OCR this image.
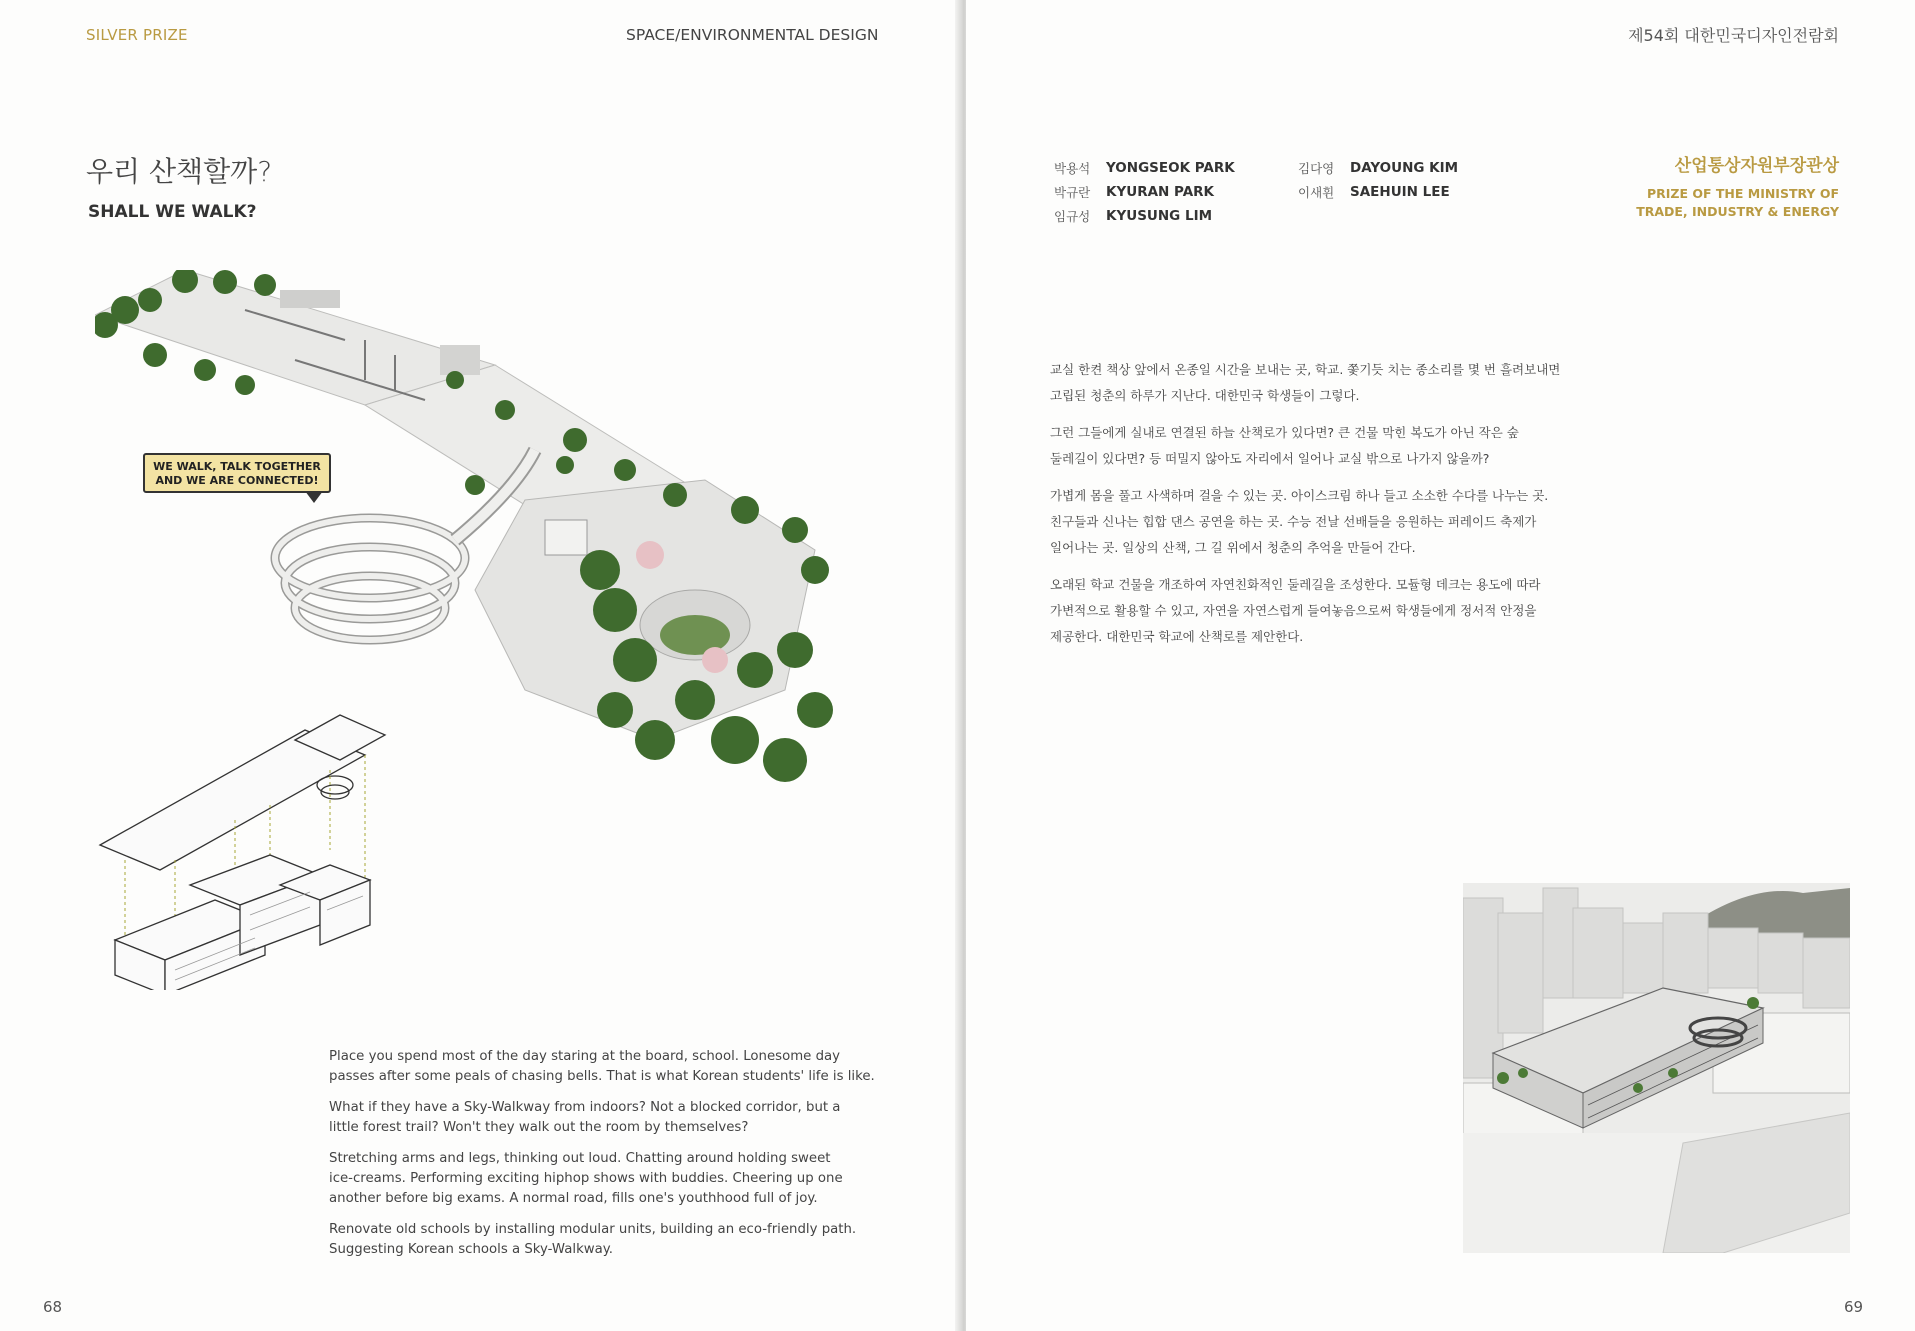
SILVER PRIZE	SPACE/ENVIRONMENTAL DESIGN
우리 산책할까?
SHALL WE WALK?
WE WALK, TALK TOGETHER
AND WE ARE CONNECTED!

Place you spend most of the day staring at the board, school. Lonesome day
passes after some peals of chasing bells. That is what Korean students' life is like.

What if they have a Sky-Walkway from indoors? Not a blocked corridor, but a
little forest trail? Won't they walk out the room by themselves?

Stretching arms and legs, thinking out loud. Chatting around holding sweet
ice-creams. Performing exciting hiphop shows with buddies. Cheering up one
another before big exams. A normal road, fills one's youthhood full of joy.

Renovate old schools by installing modular units, building an eco-friendly path.
Suggesting Korean schools a Sky-Walkway.

68
제54회 대한민국디자인전람회
박용석	YONGSEOK PARK
박규란	KYURAN PARK
임규성	KYUSUNG LIM
김다영	DAYOUNG KIM
이새휜	SAEHUIN LEE
산업통상자원부장관상
PRIZE OF THE MINISTRY OF
TRADE, INDUSTRY & ENERGY

교실 한켠 책상 앞에서 온종일 시간을 보내는 곳, 학교. 쫓기듯 치는 종소리를 몇 번 흘려보내면
고립된 청춘의 하루가 지난다. 대한민국 학생들이 그렇다.

그런 그들에게 실내로 연결된 하늘 산책로가 있다면? 큰 건물 막힌 복도가 아닌 작은 숲
둘레길이 있다면? 등 떠밀지 않아도 자리에서 일어나 교실 밖으로 나가지 않을까?

가볍게 몸을 풀고 사색하며 걸을 수 있는 곳. 아이스크림 하나 들고 소소한 수다를 나누는 곳.
친구들과 신나는 힙합 댄스 공연을 하는 곳. 수능 전날 선배들을 응원하는 퍼레이드 축제가
일어나는 곳. 일상의 산책, 그 길 위에서 청춘의 추억을 만들어 간다.

오래된 학교 건물을 개조하여 자연친화적인 둘레길을 조성한다. 모듈형 데크는 용도에 따라
가변적으로 활용할 수 있고, 자연을 자연스럽게 들여놓음으로써 학생들에게 정서적 안정을
제공한다. 대한민국 학교에 산책로를 제안한다.

69
